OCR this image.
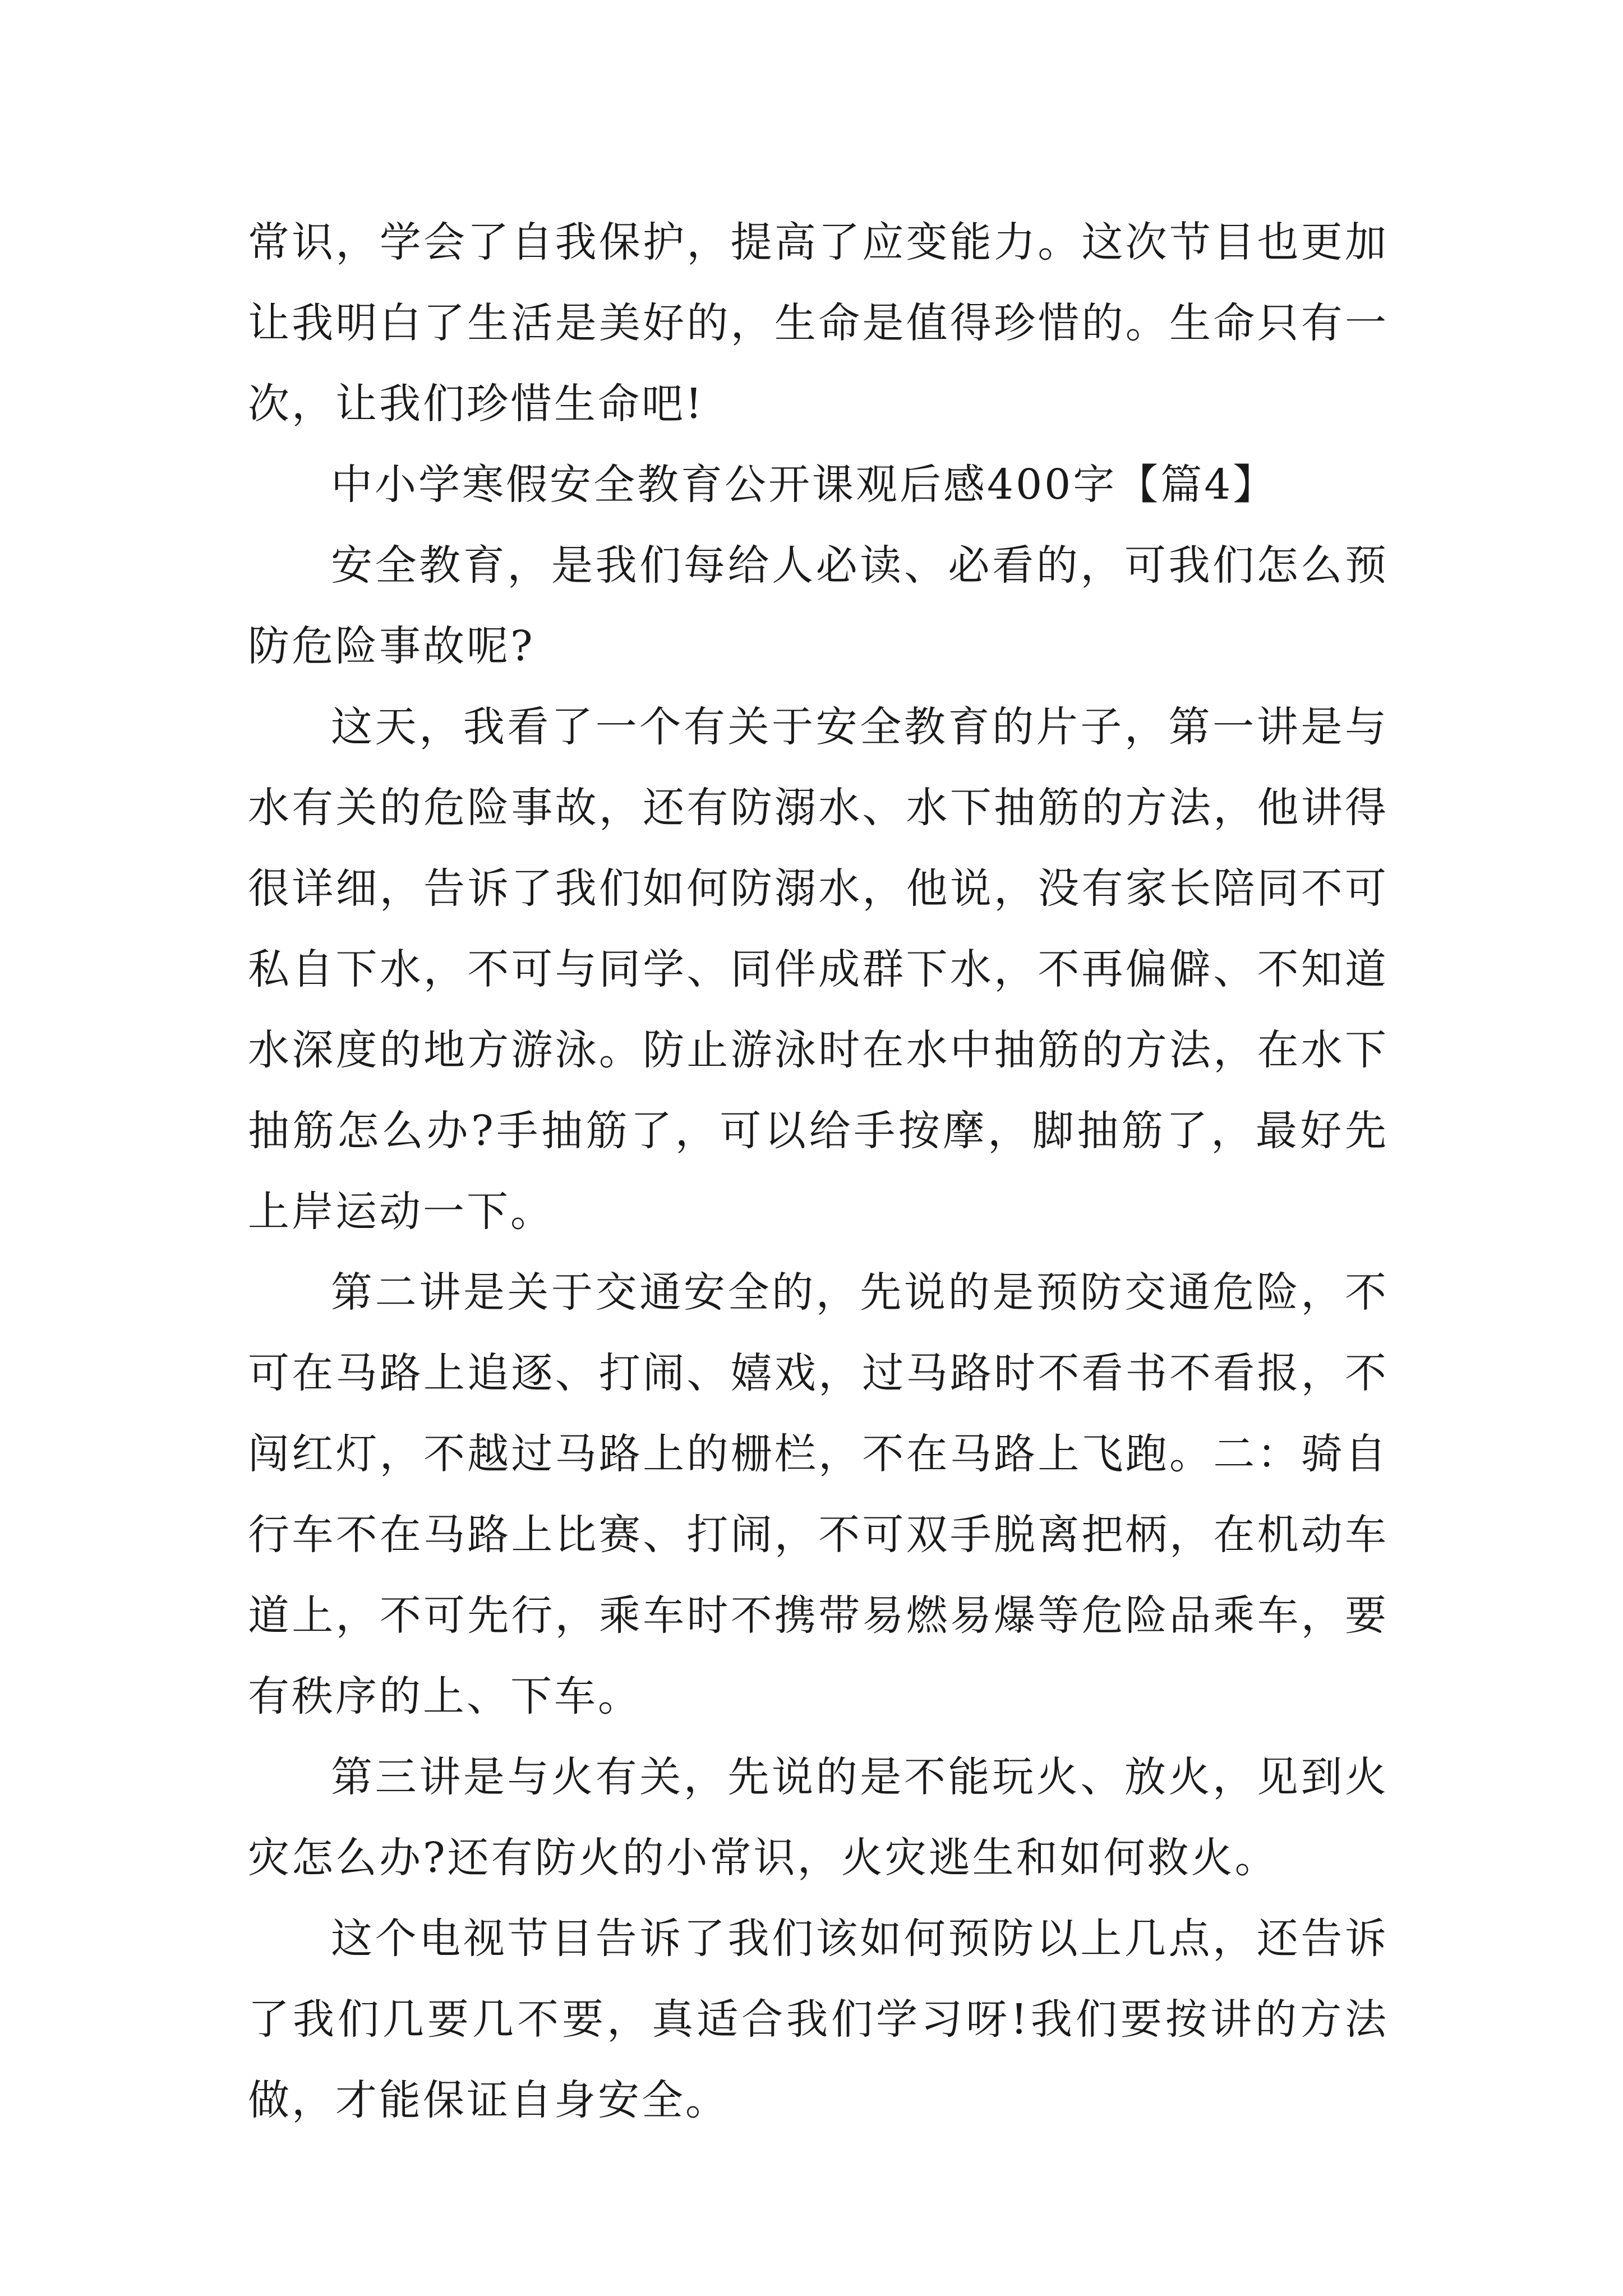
常识，学会了自我保护，提高了应变能力。这次节目也更加让我明白了生活是美好的，生命是值得珍惜的。生命只有一次，让我们珍惜生命吧!

中小学寒假安全教育公开课观后感400字【篇4】

安全教育，是我们每给人必读、必看的，可我们怎么预防危险事故呢?

这天，我看了一个有关于安全教育的片子，第一讲是与水有关的危险事故，还有防溺水、水下抽筋的方法，他讲得很详细，告诉了我们如何防溺水，他说，没有家长陪同不可私自下水，不可与同学、同伴成群下水，不再偏僻、不知道水深度的地方游泳。防止游泳时在水中抽筋的方法，在水下抽筋怎么办?手抽筋了，可以给手按摩，脚抽筋了，最好先上岸运动一下。

第二讲是关于交通安全的，先说的是预防交通危险，不可在马路上追逐、打闹、嬉戏，过马路时不看书不看报，不闯红灯，不越过马路上的栅栏，不在马路上飞跑。二：骑自行车不在马路上比赛、打闹，不可双手脱离把柄，在机动车道上，不可先行，乘车时不携带易燃易爆等危险品乘车，要有秩序的上、下车。

第三讲是与火有关，先说的是不能玩火、放火，见到火灾怎么办?还有防火的小常识，火灾逃生和如何救火。

这个电视节目告诉了我们该如何预防以上几点，还告诉了我们几要几不要，真适合我们学习呀!我们要按讲的方法做，才能保证自身安全。
